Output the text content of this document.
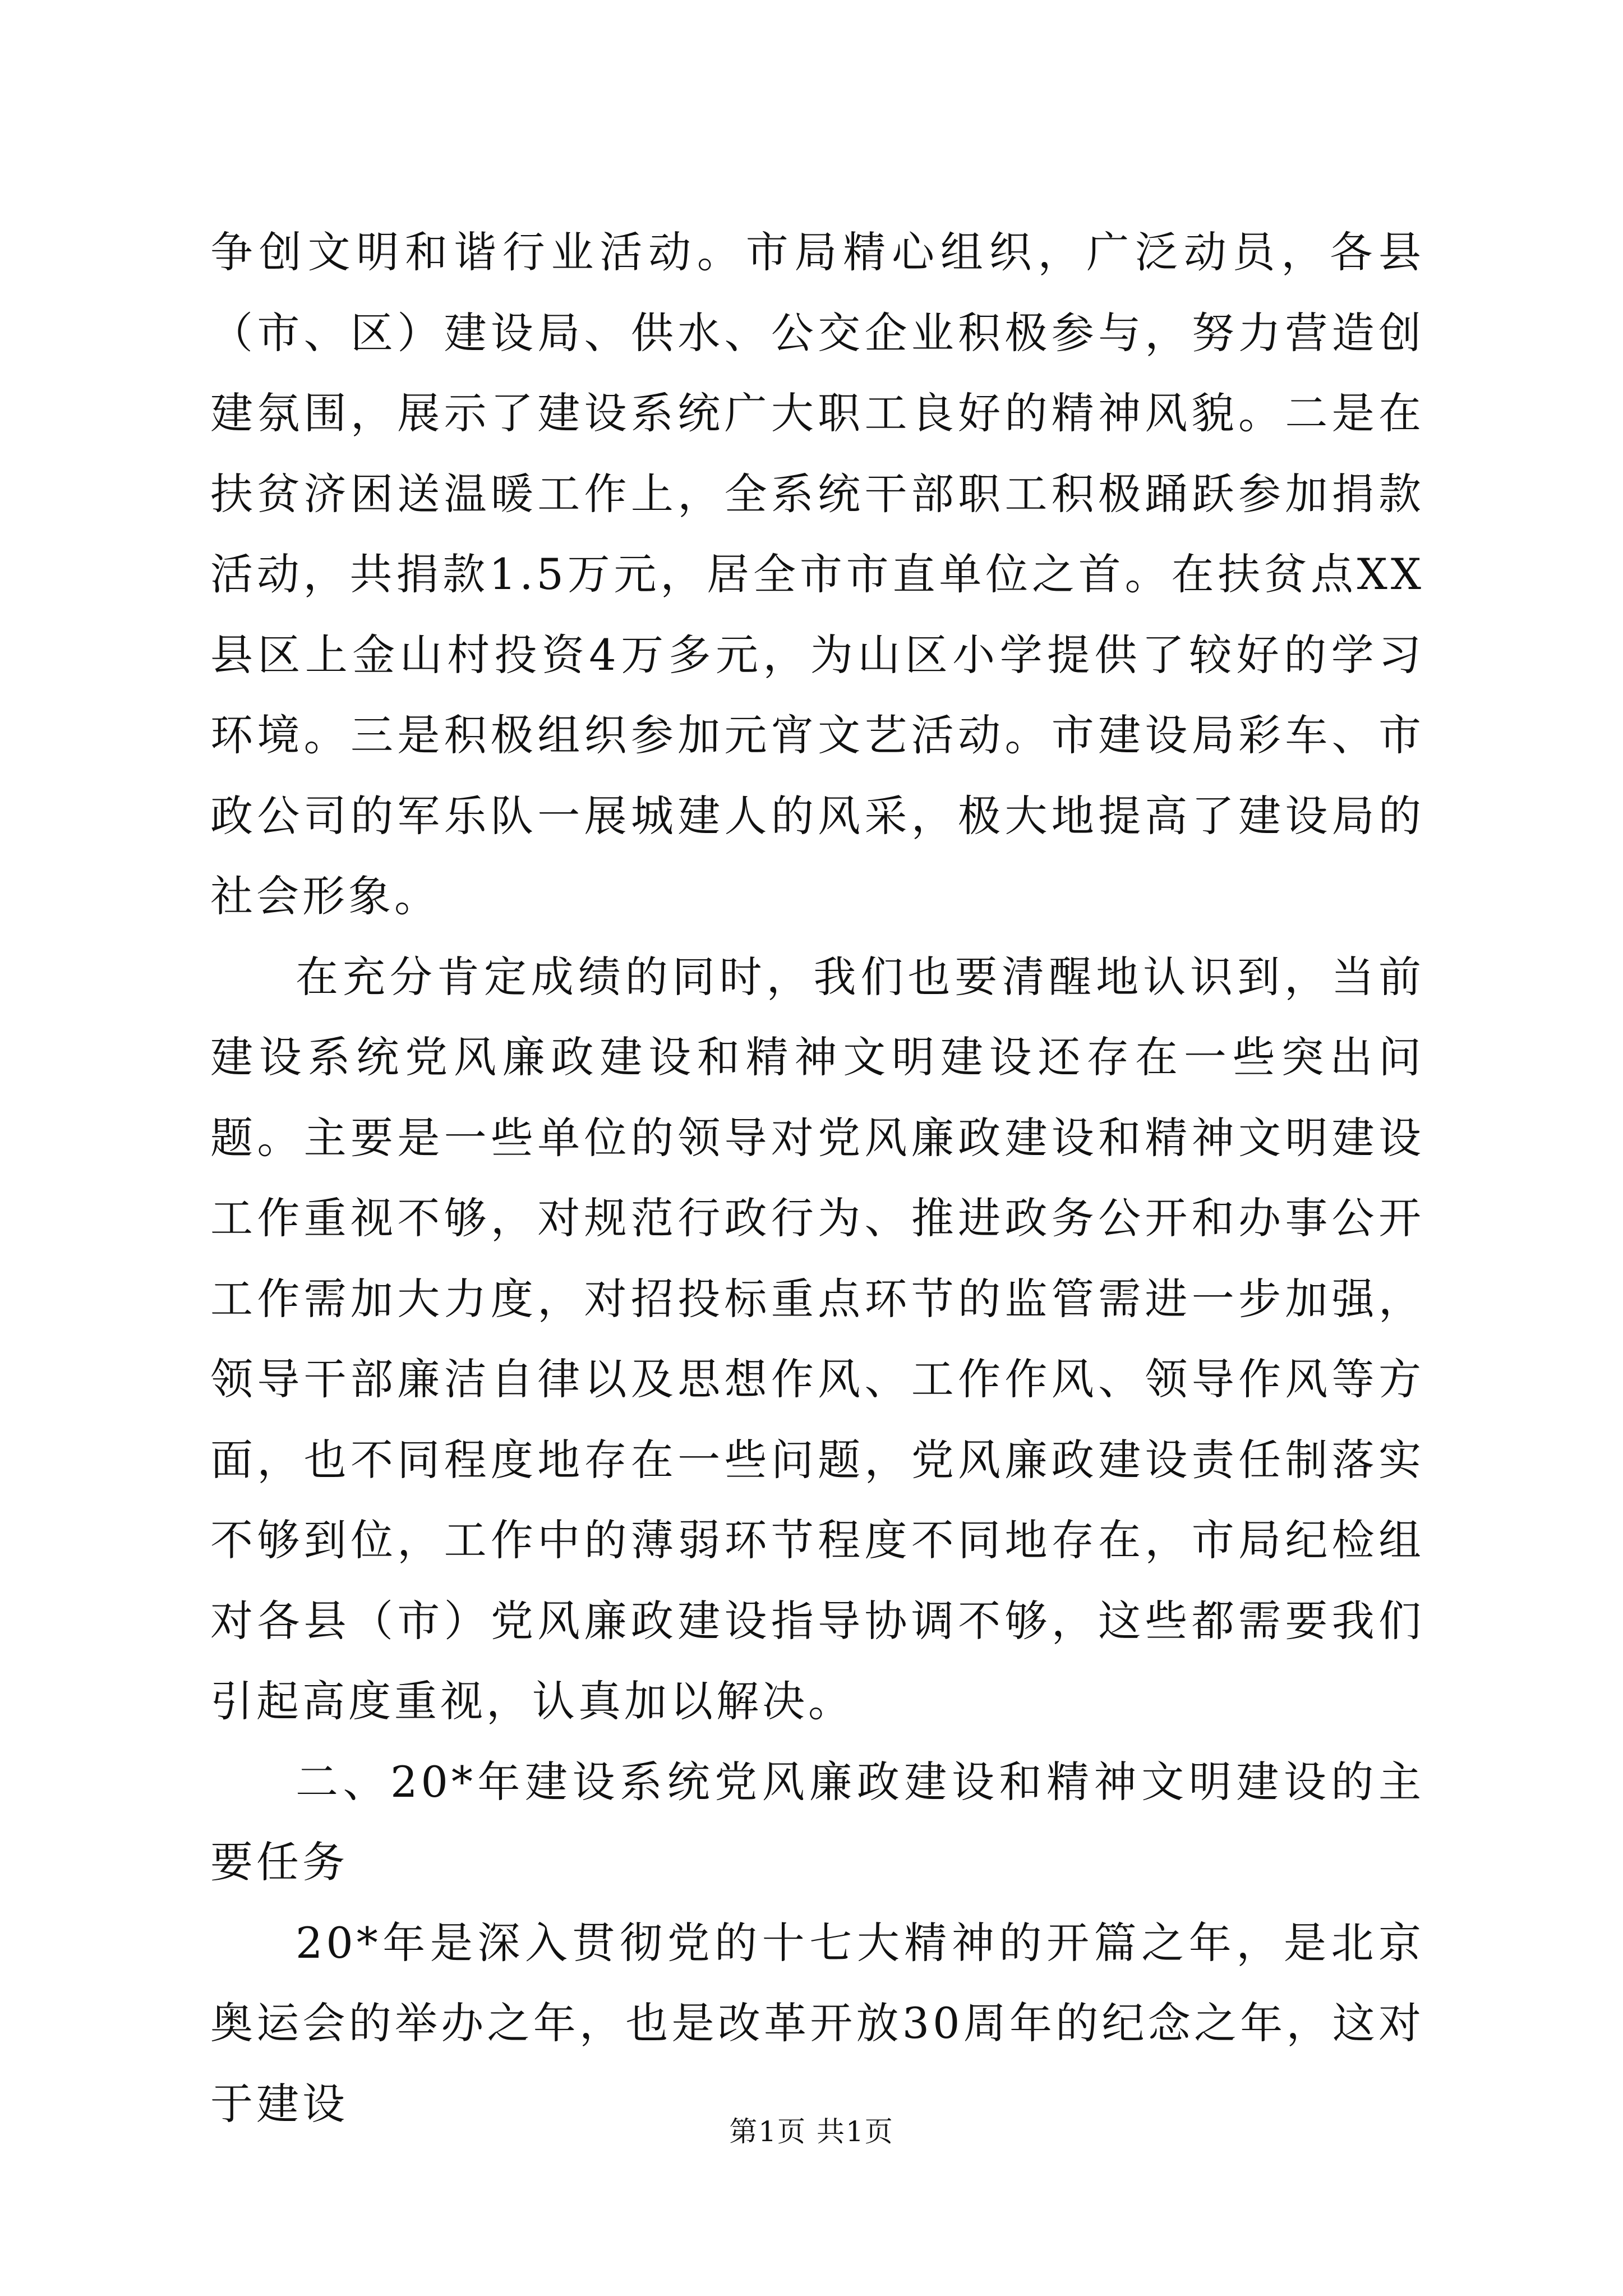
争创文明和谐行业活动。市局精心组织，广泛动员，各县（市、区）建设局、供水、公交企业积极参与，努力营造创建氛围，展示了建设系统广大职工良好的精神风貌。二是在扶贫济困送温暖工作上，全系统干部职工积极踊跃参加捐款活动，共捐款1.5万元，居全市市直单位之首。在扶贫点XX县区上金山村投资4万多元，为山区小学提供了较好的学习环境。三是积极组织参加元宵文艺活动。市建设局彩车、市政公司的军乐队一展城建人的风采，极大地提高了建设局的社会形象。

在充分肯定成绩的同时，我们也要清醒地认识到，当前建设系统党风廉政建设和精神文明建设还存在一些突出问题。主要是一些单位的领导对党风廉政建设和精神文明建设工作重视不够，对规范行政行为、推进政务公开和办事公开工作需加大力度，对招投标重点环节的监管需进一步加强，领导干部廉洁自律以及思想作风、工作作风、领导作风等方面，也不同程度地存在一些问题，党风廉政建设责任制落实不够到位，工作中的薄弱环节程度不同地存在，市局纪检组对各县（市）党风廉政建设指导协调不够，这些都需要我们引起高度重视，认真加以解决。

二、20*年建设系统党风廉政建设和精神文明建设的主要任务

20*年是深入贯彻党的十七大精神的开篇之年，是北京奥运会的举办之年，也是改革开放30周年的纪念之年，这对于建设

第1页 共1页
